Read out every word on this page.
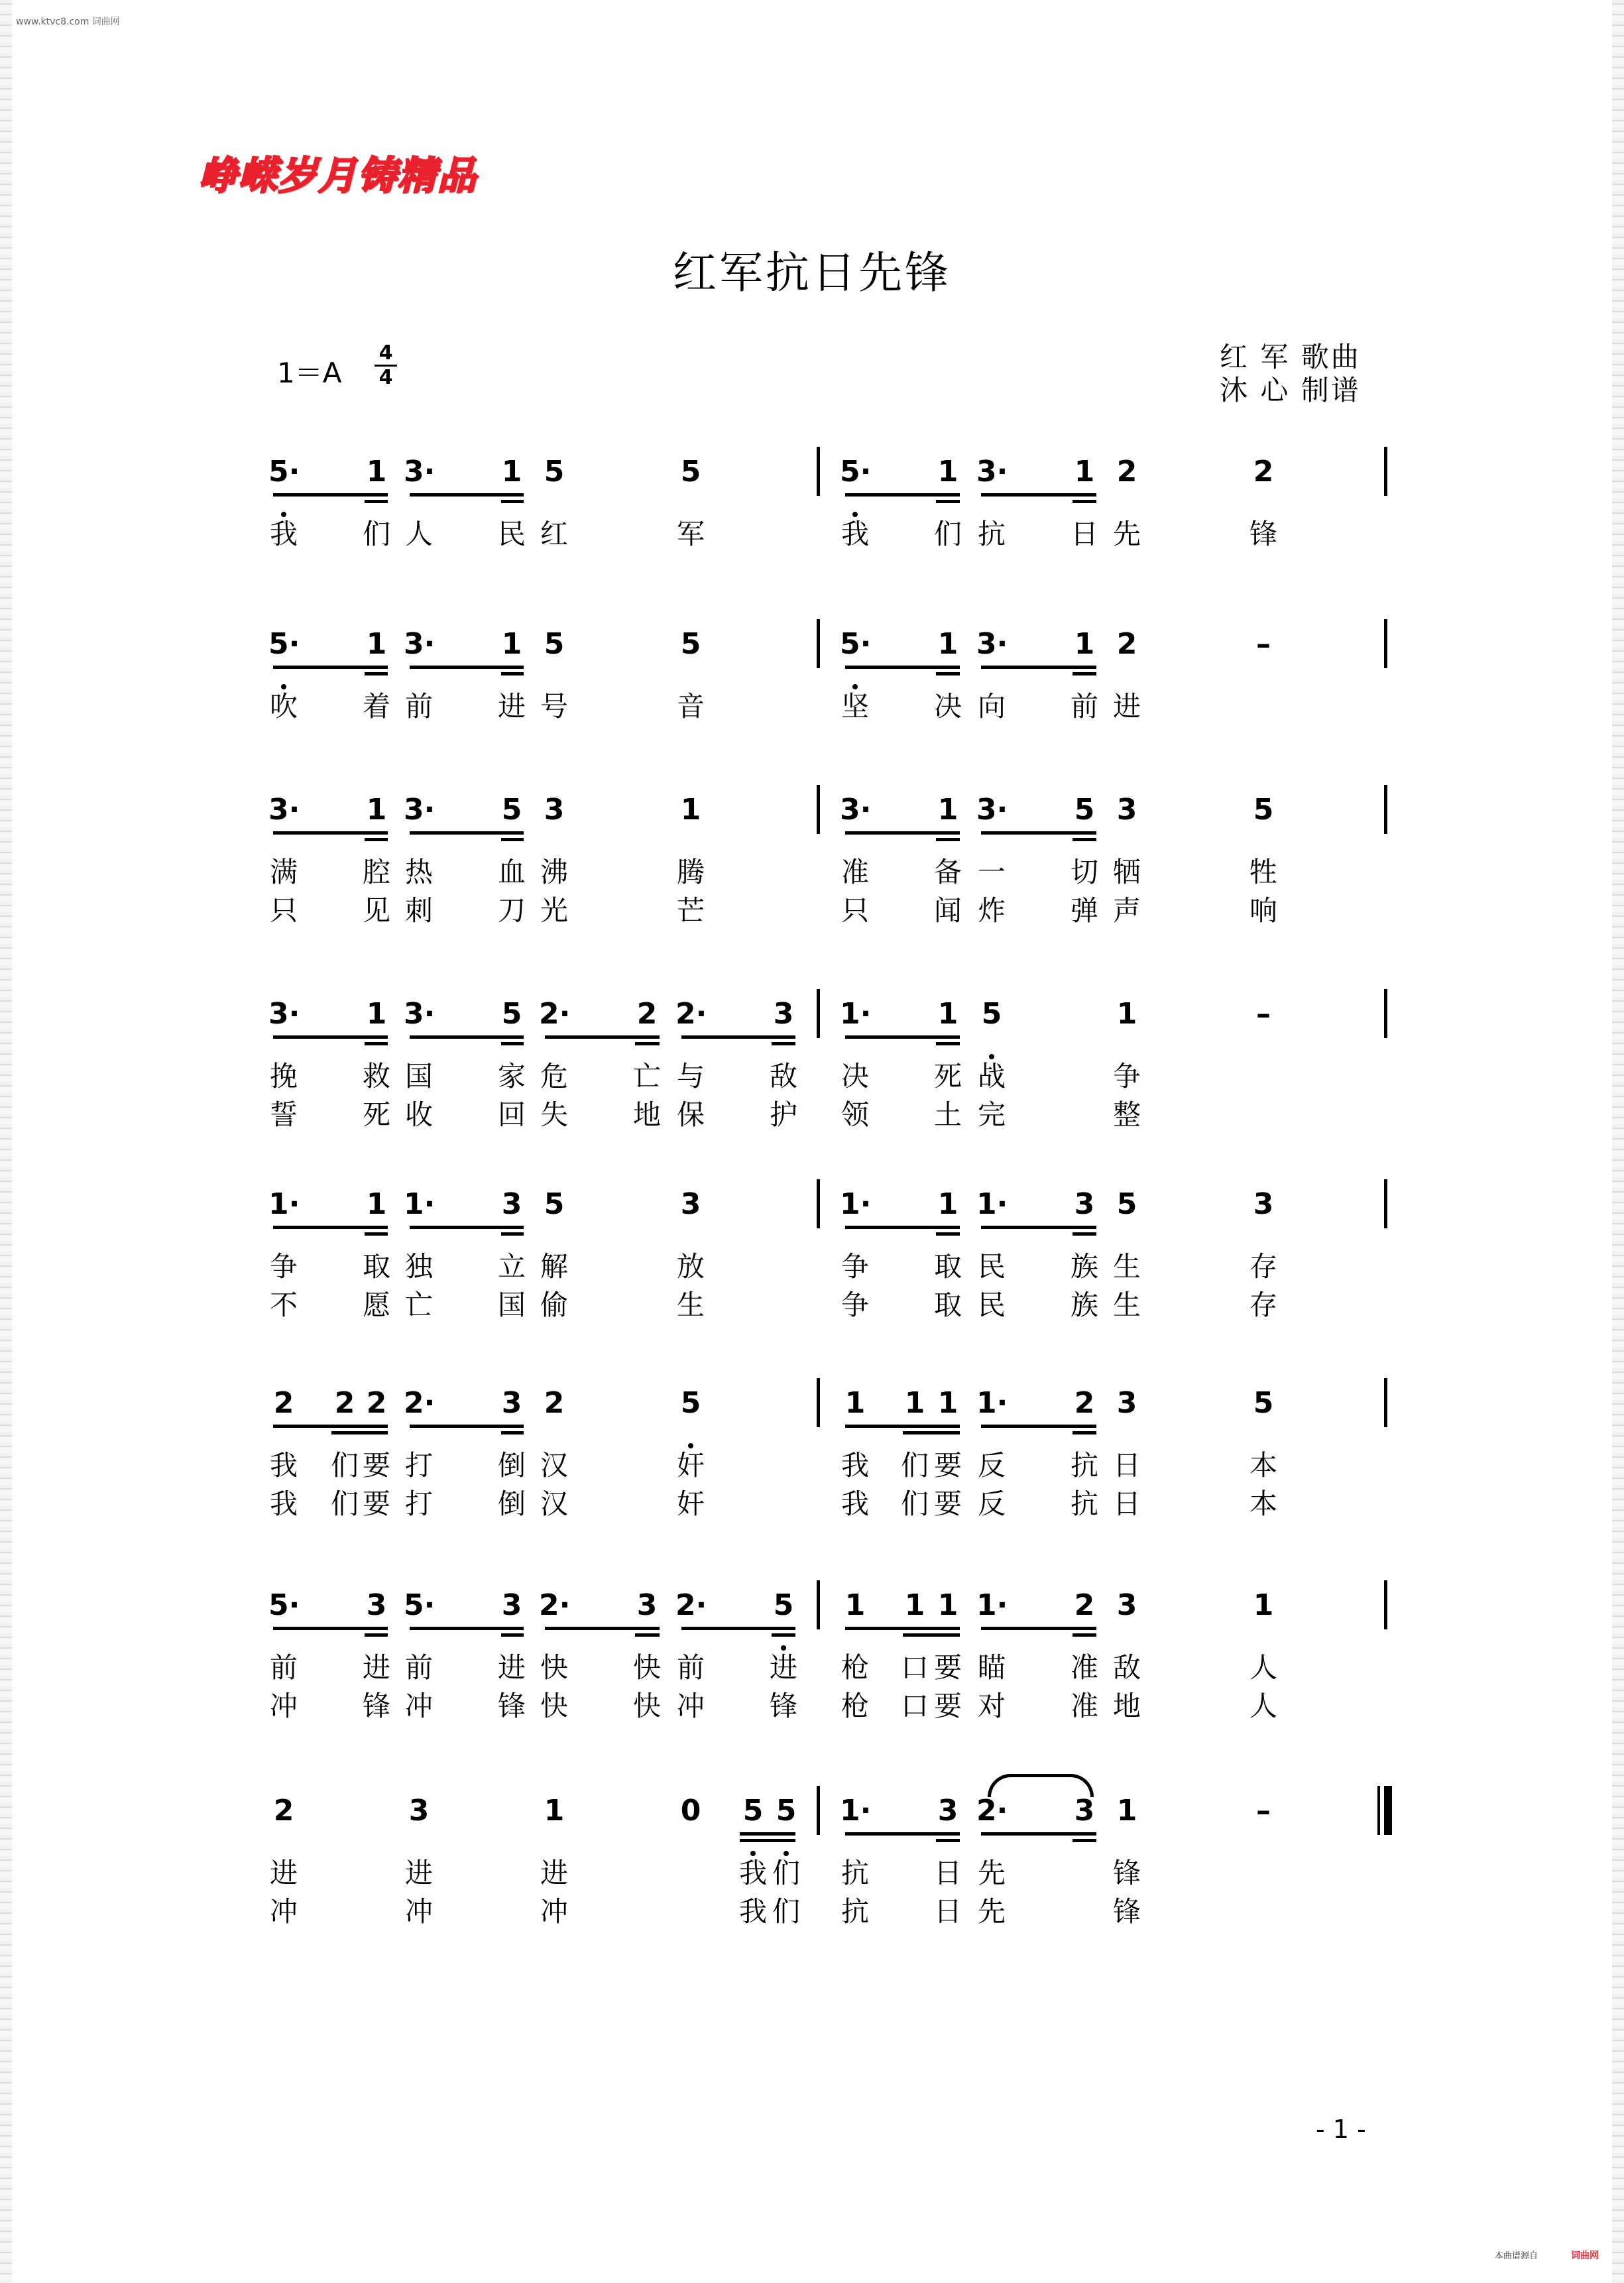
www.ktvc8.com 词曲网
峥嵘岁月铸精品
红军抗日先锋
1＝A
4
4
红 军 歌曲
沐 心 制谱
5· 1 3· 1 5	5	5· 1 3· 1 2	2
我 们 人 民 红	军	我 们 抗 日 先	锋
5· 1 3· 1 5	5	5· 1 3· 1 2	–
吹 着 前 进 号	音	坚 决 向 前 进
3· 1 3· 5 3	1	3· 1 3· 5 3	5
满 腔 热 血 沸	腾	准 备 一 切 牺	牲
只 见 刺 刀 光	芒	只 闻 炸 弹 声	响
3· 1 3· 5 2· 2 2· 3 1· 1 5	1	–
挽 救 国 家 危 亡 与 敌 决 死 战	争
誓 死 收 回 失 地 保 护 领 土 完	整
1· 1 1· 3 5	3	1· 1 1· 3 5	3
争 取 独 立 解	放	争 取 民 族 生	存
不 愿 亡 国 偷	生	争 取 民 族 生	存
2 2 2 2· 3 2	5	1 1 1 1· 2 3	5
我 们 要 打 倒 汉	奸	我 们 要 反 抗 日	本
我 们 要 打 倒 汉	奸	我 们 要 反 抗 日	本
5· 3 5· 3 2· 3 2· 5 1 1 1 1· 2 3	1
前 进 前 进 快 快 前 进 枪 口 要 瞄 准 敌	人
冲 锋 冲 锋 快 快 冲 锋 枪 口 要 对 准 地	人
2	3	1	0 5 5 1· 3 2· 3 1	–
进	进	进	我 们 抗 日 先	锋
冲	冲	冲	我 们 抗 日 先	锋
- 1 -
本曲谱源自	词曲网
